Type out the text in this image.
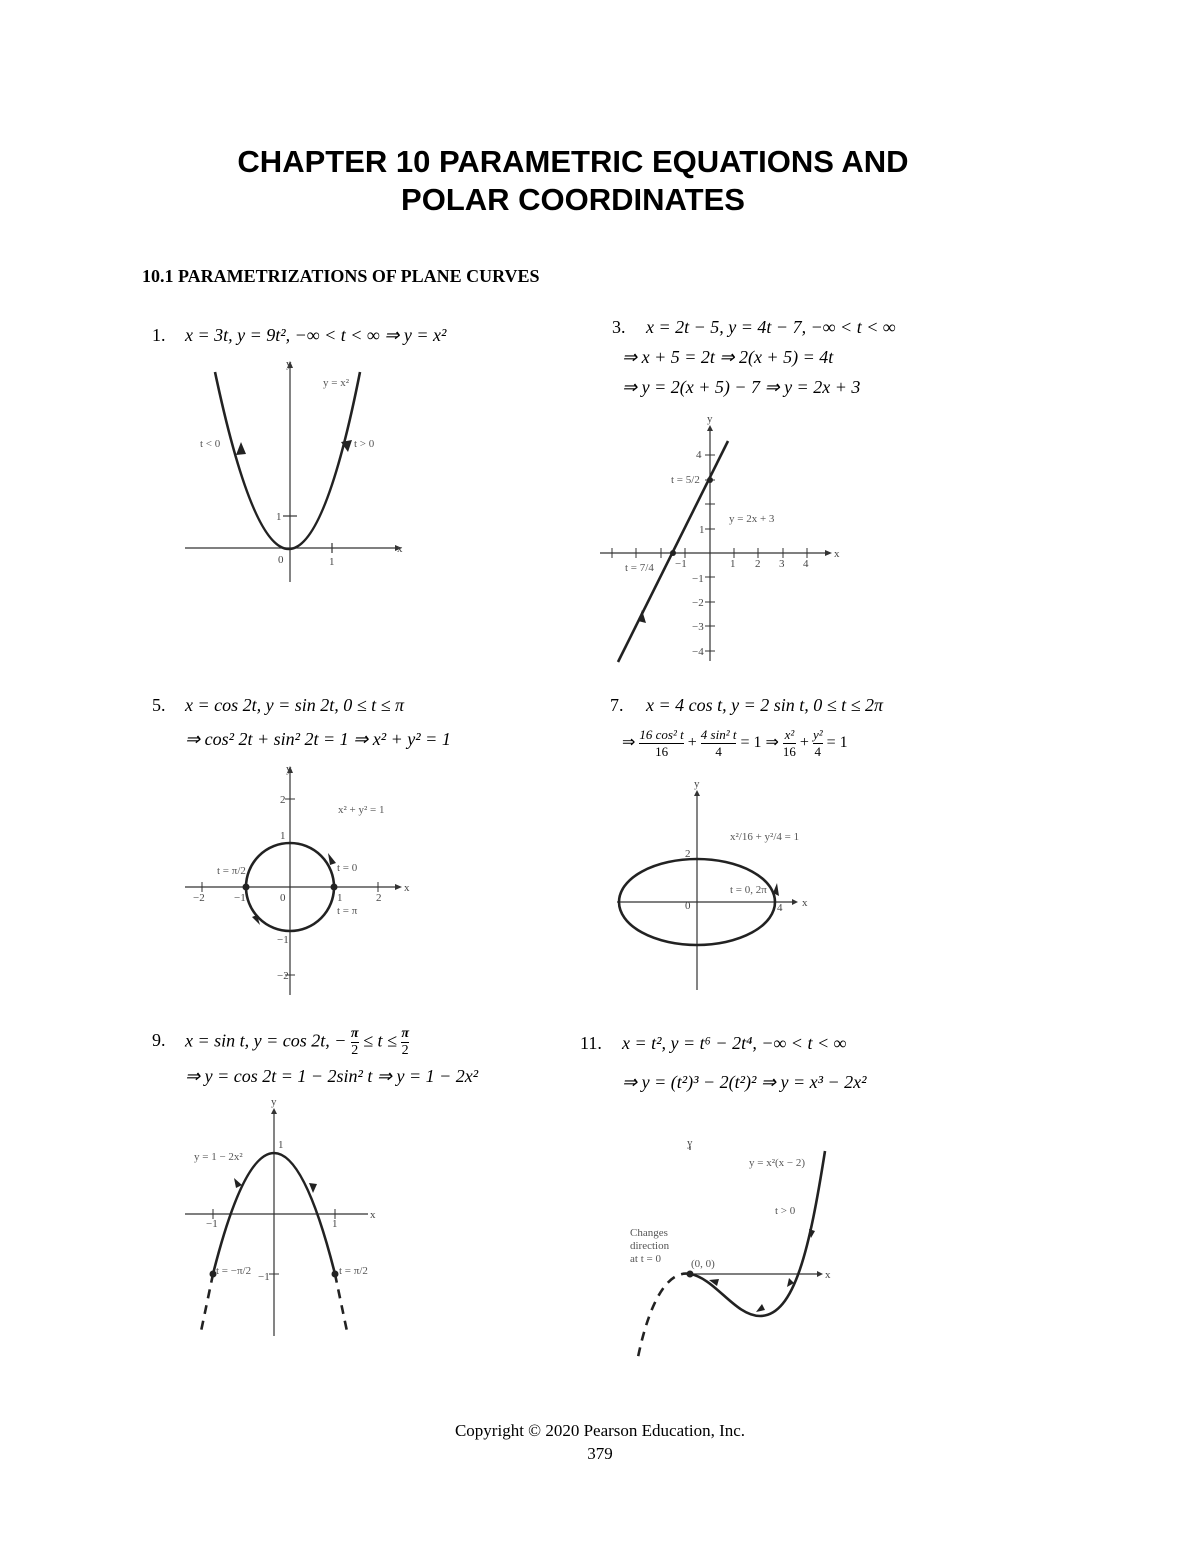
CHAPTER 10 PARAMETRIC EQUATIONS AND
POLAR COORDINATES
10.1 PARAMETRIZATIONS OF PLANE CURVES
1. x = 3t, y = 9t², −∞ < t < ∞ ⇒ y = x²
y = x²
t < 0	t > 0
1
0	1
y
x
3. x = 2t − 5, y = 4t − 7, −∞ < t < ∞
⇒ x + 5 = 2t ⇒ 2(x + 5) = 4t
⇒ y = 2(x + 5) − 7 ⇒ y = 2x + 3
4
1
−1	1 2 3 4
−1
−2
−3
−4
y = 2x + 3
t = 5/2
t = 7/4
y
x
5. x = cos 2t, y = sin 2t, 0 ≤ t ≤ π
⇒ cos² 2t + sin² 2t = 1 ⇒ x² + y² = 1
2
1
−2	−1	0	1	2
−1
−2
x² + y² = 1
t = π/2	t = 0
t = π
y
x
7. x = 4 cos t, y = 2 sin t, 0 ≤ t ≤ 2π
⇒ $\frac{\text{16 cos² t}}{16} + \frac{\text{4 sin² t}}{4} = 1$ ⇒ $\frac{\text{x²}}{16} + \frac{\text{y²}}{4} = 1$
2
0	4
x²/16 + y²/4 = 1
t = 0, 2π
y
x
9. x = sin t, y = cos 2t, − $\frac{\pi}{2} \le t \le \frac{\pi}{2}$
⇒ y = cos 2t = 1 − 2sin² t ⇒ y = 1 − 2x²
1
−1
−1
1
y = 1 − 2x²
t = −π/2	t = π/2
y
x
11. x = t², y = t⁶ − 2t⁴, −∞ < t < ∞
⇒ y = (t²)³ − 2(t²)² ⇒ y = x³ − 2x²
y = x²(x − 2)
t > 0
Changes
direction
at t = 0	(0, 0)
y
x
Copyright © 2020 Pearson Education, Inc.
379
